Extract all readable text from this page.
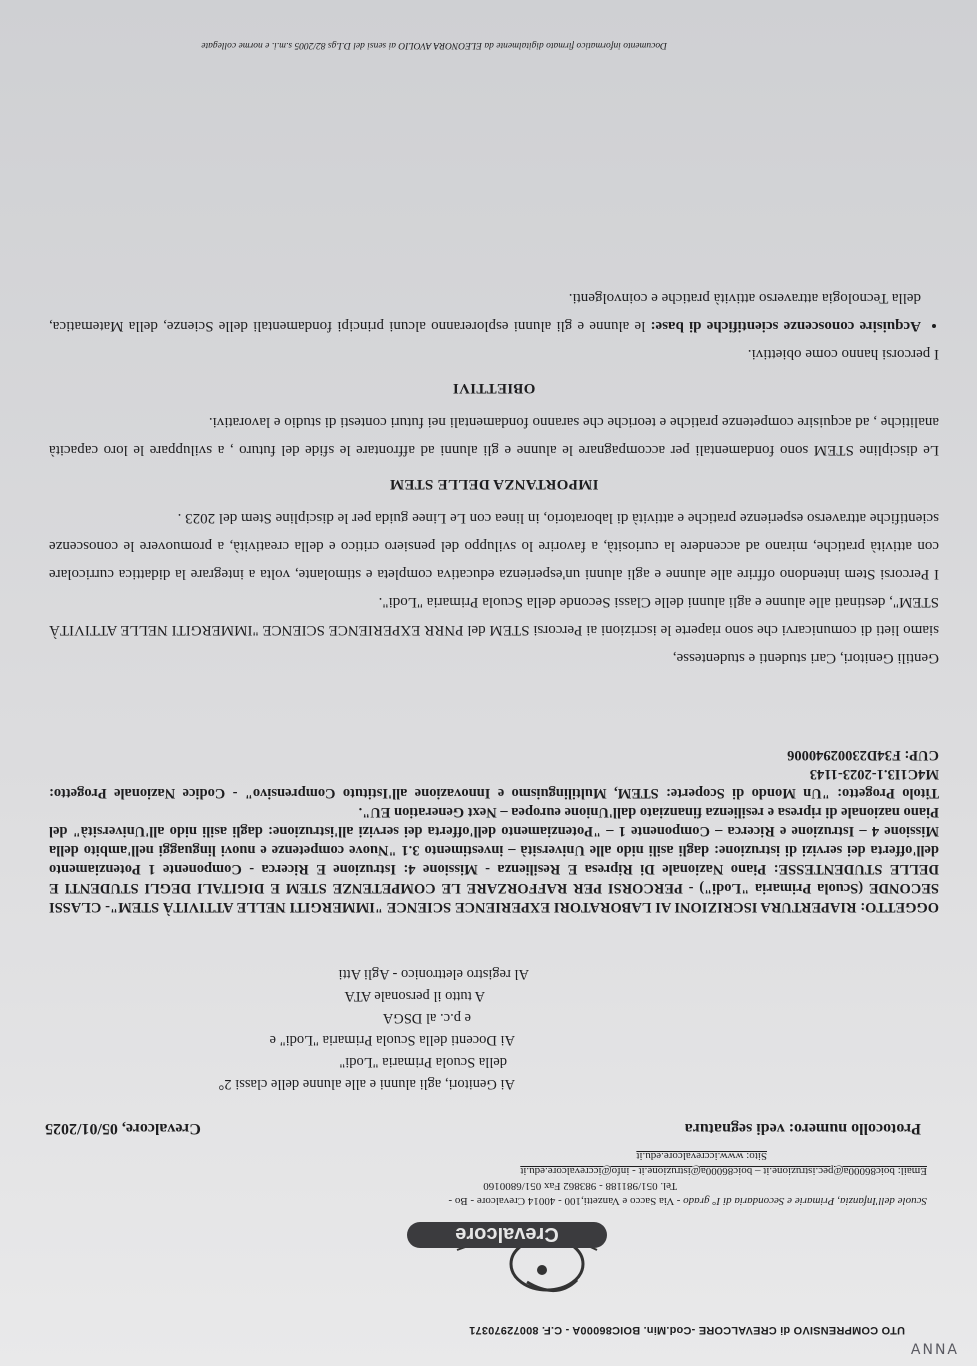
UTO COMPRENSIVO di CREVALCORE -Cod.Min. BOIC86000A - C.F. 80072970371
Crevalcore
Scuole dell'Infanzia, Primarie e Secondaria di I° grado - Via Sacco e Vanzetti,100 - 40014 Crevalcore - Bo -
Tel. 051/981188 - 983862 Fax 051/6800160
Email: boic86000a@pec.istruzione.it – boic86000a@istruzione.it - info@iccrevalcore.edu.it
Sito: www.iccrevalcore.edu.it
Protocollo numero: vedi segnatura
Crevalcore, 05/01/2025
Ai Genitori, agli alunni e alle alunne delle classi 2°
della Scuola Primaria "Lodi"
Ai Docenti della Scuola Primaria "Lodi" e
e p.c. al DSGA
A tutto il personale ATA
Al registro elettronico - Agli Atti
OGGETTO: RIAPERTURA ISCRIZIONI AI LABORATORI EXPERIENCE SCIENCE "IMMERGITI NELLE ATTIVITÀ STEM"- CLASSI SECONDE (Scuola Primaria "Lodi") - PERCORSI PER RAFFORZARE LE COMPETENZE STEM E DIGITALI DEGLI STUDENTI E DELLE STUDENTESSE: Piano Nazionale Di Ripresa E Resilienza - Missione 4: Istruzione E Ricerca - Componente 1 Potenziamento dell'offerta dei servizi di istruzione: dagli asili nido alle Università – investimento 3.1 "Nuove competenze e nuovi linguaggi nell'ambito della Missione 4 – Istruzione e Ricerca – Componente 1 – "Potenziamento dell'offerta dei servizi all'istruzione: dagli asili nido all'Università" del Piano nazionale di ripresa e resilienza finanziato dall'Unione europea – Next Generation EU".
Titolo Progetto: "Un Mondo di Scoperte: STEM, Multilinguismo e Innovazione all'Istituto Comprensivo" - Codice Nazionale Progetto: M4C1I3.1-2023-1143
CUP: F34D23002940006

Gentili Genitori, Cari studenti e studentesse,

siamo lieti di comunicarvi che sono riaperte le iscrizioni ai Percorsi STEM del PNRR EXPERIENCE SCIENCE "IMMERGITI NELLE ATTIVITÀ STEM", destinati alle alunne e agli alunni delle Classi Seconde della Scuola Primaria "Lodi".

I Percorsi Stem intendono offrire alle alunne e agli alunni un'esperienza educativa completa e stimolante, volta a integrare la didattica curricolare con attività pratiche, mirano ad accendere la curiosità, a favorire lo sviluppo del pensiero critico e della creatività, a promuovere le conoscenze scientifiche attraverso esperienze pratiche e attività di laboratorio, in linea con Le Linee guida per le discipline Stem del 2023 .

IMPORTANZA DELLE STEM

Le discipline STEM sono fondamentali per accompagnare le alunne e gli alunni ad affrontare le sfide del futuro , a sviluppare le loro capacità analitiche , ad acquisire competenze pratiche e teoriche che saranno fondamentali nei futuri contesti di studio e lavorativi.

OBIETTIVI

I percorsi hanno come obiettivi.

• Acquisire conoscenze scientifiche di base: le alunne e gli alunni esploreranno alcuni principi fondamentali delle Scienze, della Matematica, della Tecnologia attraverso attività pratiche e coinvolgenti.
Documento informatico firmato digitalmente da ELEONORA AVOLIO ai sensi del D.Lgs 82/2005 s.m.i. e norme collegate
ANNA
